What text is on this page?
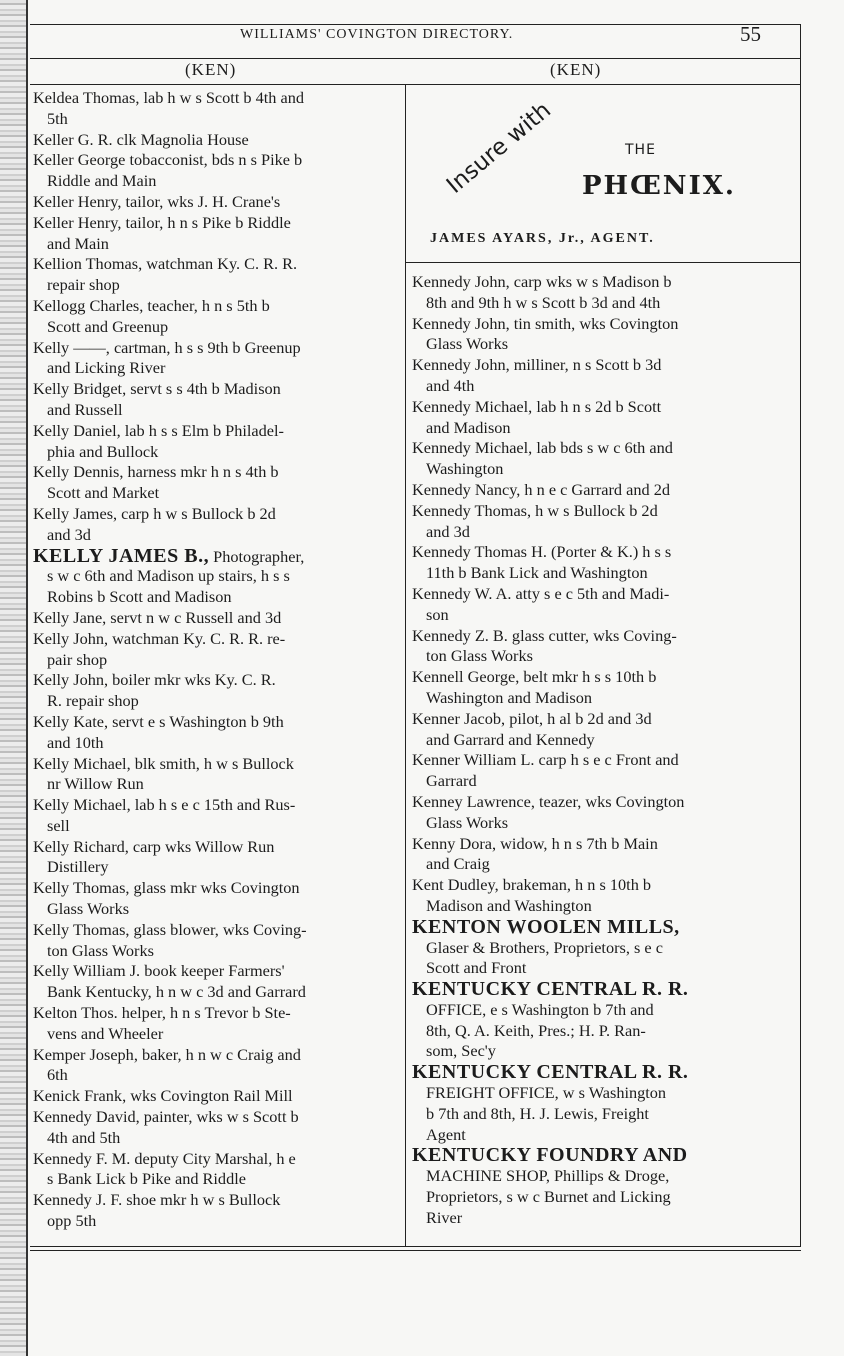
WILLIAMS' COVINGTON DIRECTORY.	55
(KEN)	(KEN)
Insure with	THE
PHŒNIX.
JAMES AYARS, Jr., AGENT.
Keldea Thomas, lab h w s Scott b 4th and
5th
Keller G. R. clk Magnolia House
Keller George tobacconist, bds n s Pike b
Riddle and Main
Keller Henry, tailor, wks J. H. Crane's
Keller Henry, tailor, h n s Pike b Riddle
and Main
Kellion Thomas, watchman Ky. C. R. R.
repair shop
Kellogg Charles, teacher, h n s 5th b
Scott and Greenup
Kelly ——, cartman, h s s 9th b Greenup
and Licking River
Kelly Bridget, servt s s 4th b Madison
and Russell
Kelly Daniel, lab h s s Elm b Philadel-
phia and Bullock
Kelly Dennis, harness mkr h n s 4th b
Scott and Market
Kelly James, carp h w s Bullock b 2d
and 3d
KELLY JAMES B., Photographer,
s w c 6th and Madison up stairs, h s s
Robins b Scott and Madison
Kelly Jane, servt n w c Russell and 3d
Kelly John, watchman Ky. C. R. R. re-
pair shop
Kelly John, boiler mkr wks Ky. C. R.
R. repair shop
Kelly Kate, servt e s Washington b 9th
and 10th
Kelly Michael, blk smith, h w s Bullock
nr Willow Run
Kelly Michael, lab h s e c 15th and Rus-
sell
Kelly Richard, carp wks Willow Run
Distillery
Kelly Thomas, glass mkr wks Covington
Glass Works
Kelly Thomas, glass blower, wks Coving-
ton Glass Works
Kelly William J. book keeper Farmers'
Bank Kentucky, h n w c 3d and Garrard
Kelton Thos. helper, h n s Trevor b Ste-
vens and Wheeler
Kemper Joseph, baker, h n w c Craig and
6th
Kenick Frank, wks Covington Rail Mill
Kennedy David, painter, wks w s Scott b
4th and 5th
Kennedy F. M. deputy City Marshal, h e
s Bank Lick b Pike and Riddle
Kennedy J. F. shoe mkr h w s Bullock
opp 5th
Kennedy John, carp wks w s Madison b
8th and 9th h w s Scott b 3d and 4th
Kennedy John, tin smith, wks Covington
Glass Works
Kennedy John, milliner, n s Scott b 3d
and 4th
Kennedy Michael, lab h n s 2d b Scott
and Madison
Kennedy Michael, lab bds s w c 6th and
Washington
Kennedy Nancy, h n e c Garrard and 2d
Kennedy Thomas, h w s Bullock b 2d
and 3d
Kennedy Thomas H. (Porter & K.) h s s
11th b Bank Lick and Washington
Kennedy W. A. atty s e c 5th and Madi-
son
Kennedy Z. B. glass cutter, wks Coving-
ton Glass Works
Kennell George, belt mkr h s s 10th b
Washington and Madison
Kenner Jacob, pilot, h al b 2d and 3d
and Garrard and Kennedy
Kenner William L. carp h s e c Front and
Garrard
Kenney Lawrence, teazer, wks Covington
Glass Works
Kenny Dora, widow, h n s 7th b Main
and Craig
Kent Dudley, brakeman, h n s 10th b
Madison and Washington
KENTON WOOLEN MILLS,
Glaser & Brothers, Proprietors, s e c
Scott and Front
KENTUCKY CENTRAL R. R.
OFFICE, e s Washington b 7th and
8th, Q. A. Keith, Pres.; H. P. Ran-
som, Sec'y
KENTUCKY CENTRAL R. R.
FREIGHT OFFICE, w s Washington
b 7th and 8th, H. J. Lewis, Freight
Agent
KENTUCKY FOUNDRY AND
MACHINE SHOP, Phillips & Droge,
Proprietors, s w c Burnet and Licking
River
